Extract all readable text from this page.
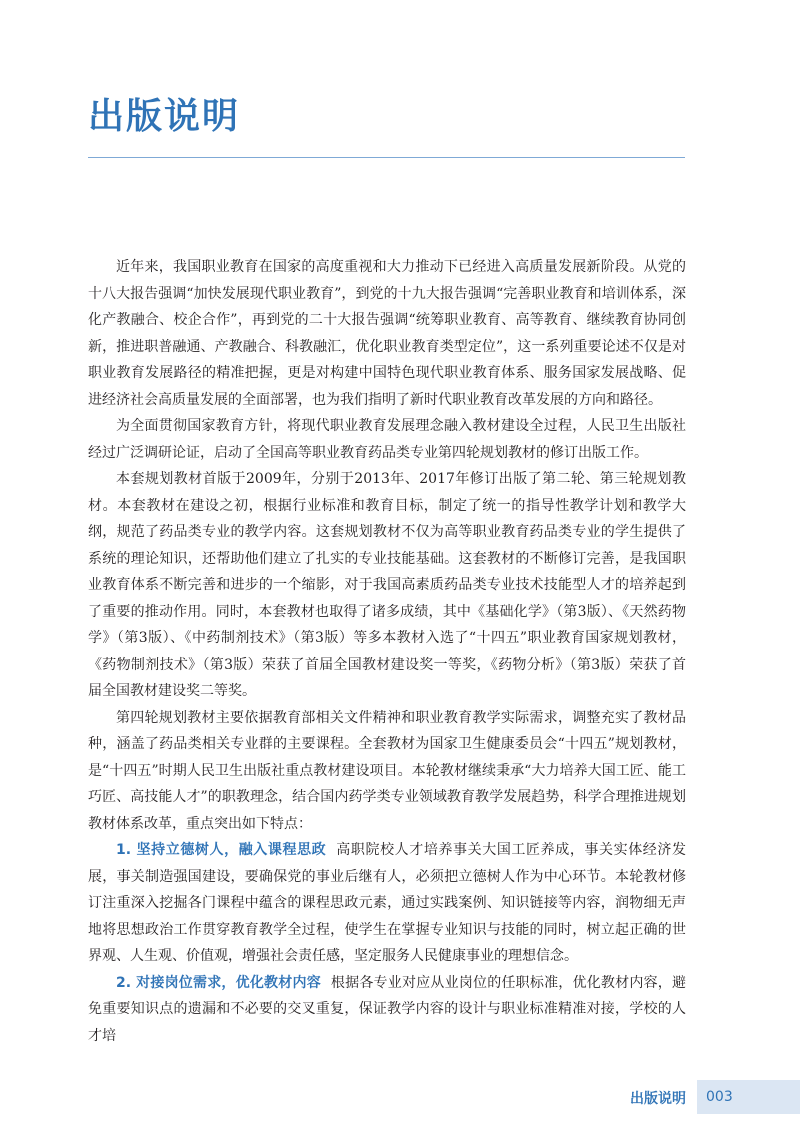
出版说明

近年来，我国职业教育在国家的高度重视和大力推动下已经进入高质量发展新阶段。从党的十八大报告强调“加快发展现代职业教育”，到党的十九大报告强调“完善职业教育和培训体系，深化产教融合、校企合作”，再到党的二十大报告强调“统筹职业教育、高等教育、继续教育协同创新，推进职普融通、产教融合、科教融汇，优化职业教育类型定位”，这一系列重要论述不仅是对职业教育发展路径的精准把握，更是对构建中国特色现代职业教育体系、服务国家发展战略、促进经济社会高质量发展的全面部署，也为我们指明了新时代职业教育改革发展的方向和路径。

为全面贯彻国家教育方针，将现代职业教育发展理念融入教材建设全过程，人民卫生出版社经过广泛调研论证，启动了全国高等职业教育药品类专业第四轮规划教材的修订出版工作。

本套规划教材首版于2009年，分别于2013年、2017年修订出版了第二轮、第三轮规划教材。本套教材在建设之初，根据行业标准和教育目标，制定了统一的指导性教学计划和教学大纲，规范了药品类专业的教学内容。这套规划教材不仅为高等职业教育药品类专业的学生提供了系统的理论知识，还帮助他们建立了扎实的专业技能基础。这套教材的不断修订完善，是我国职业教育体系不断完善和进步的一个缩影，对于我国高素质药品类专业技术技能型人才的培养起到了重要的推动作用。同时，本套教材也取得了诸多成绩，其中《基础化学》（第3版）、《天然药物学》（第3版）、《中药制剂技术》（第3版）等多本教材入选了“十四五”职业教育国家规划教材，《药物制剂技术》（第3版）荣获了首届全国教材建设奖一等奖，《药物分析》（第3版）荣获了首届全国教材建设奖二等奖。

第四轮规划教材主要依据教育部相关文件精神和职业教育教学实际需求，调整充实了教材品种，涵盖了药品类相关专业群的主要课程。全套教材为国家卫生健康委员会“十四五”规划教材，是“十四五”时期人民卫生出版社重点教材建设项目。本轮教材继续秉承“大力培养大国工匠、能工巧匠、高技能人才”的职教理念，结合国内药学类专业领域教育教学发展趋势，科学合理推进规划教材体系改革，重点突出如下特点：

1. 坚持立德树人，融入课程思政 高职院校人才培养事关大国工匠养成，事关实体经济发展，事关制造强国建设，要确保党的事业后继有人，必须把立德树人作为中心环节。本轮教材修订注重深入挖掘各门课程中蕴含的课程思政元素，通过实践案例、知识链接等内容，润物细无声地将思想政治工作贯穿教育教学全过程，使学生在掌握专业知识与技能的同时，树立起正确的世界观、人生观、价值观，增强社会责任感，坚定服务人民健康事业的理想信念。

2. 对接岗位需求，优化教材内容 根据各专业对应从业岗位的任职标准，优化教材内容，避免重要知识点的遗漏和不必要的交叉重复，保证教学内容的设计与职业标准精准对接，学校的人才培

出版说明 003
